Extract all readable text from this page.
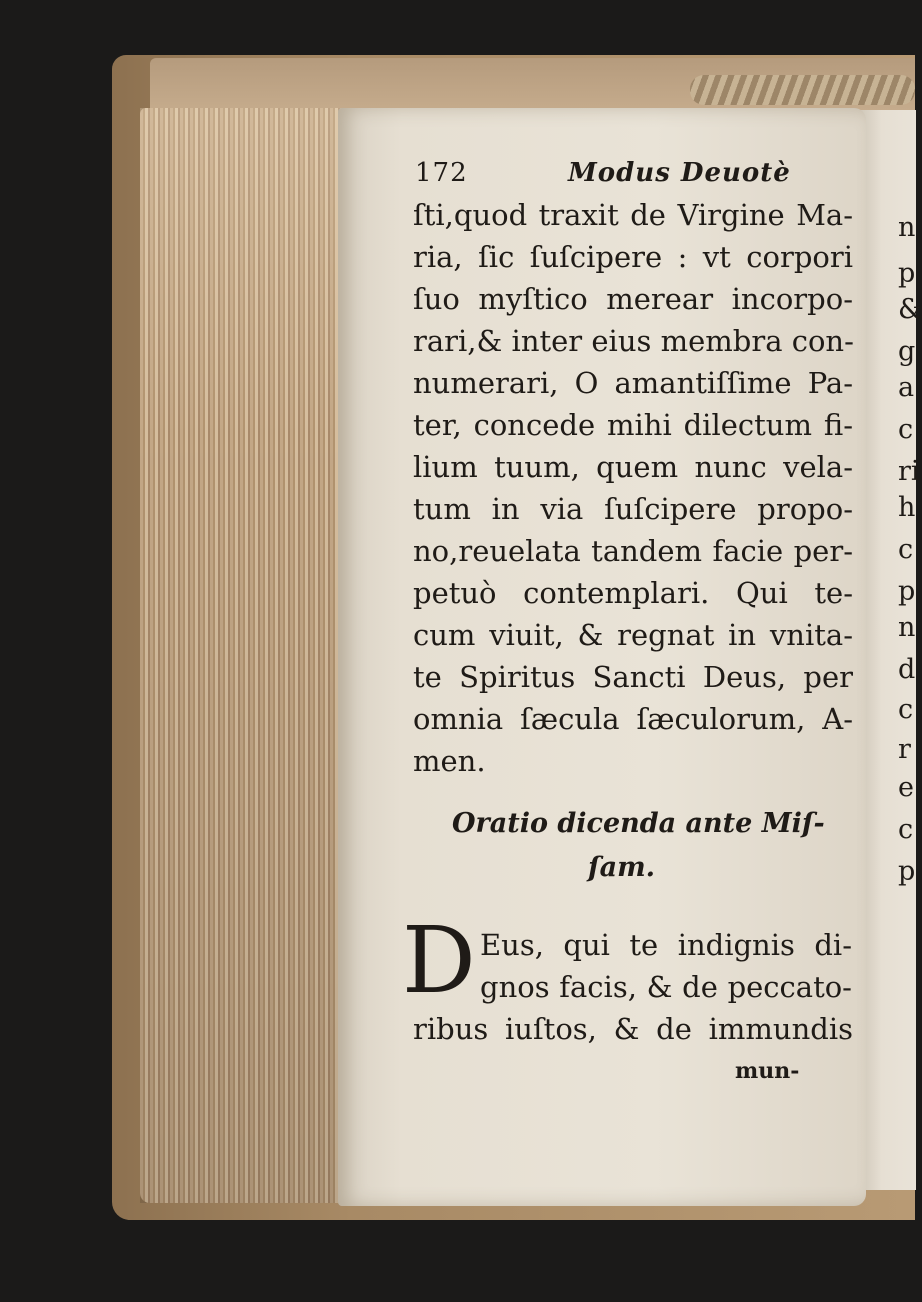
172	Modus Deuotè
ſti,quod traxit de Virgine Ma-
ria, ſic ſuſcipere : vt corpori
ſuo myſtico merear incorpo-
rari,& inter eius membra con-
numerari, O amantiſſime Pa-
ter, concede mihi dilectum fi-
lium tuum, quem nunc vela-
tum in via ſuſcipere propo-
no,reuelata tandem facie per-
petuò contemplari. Qui te-
cum viuit, & regnat in vnita-
te Spiritus Sancti Deus, per
omnia ſæcula ſæculorum, A-
men.
Oratio dicenda ante Miſ-
ſam.
D Eus, qui te indignis di-
gnos facis, & de peccato-
ribus iuſtos, & de immundis
mun-
n
p
&
g
a
c
ri
h
c
p
n
d
c
r
e
c
p
